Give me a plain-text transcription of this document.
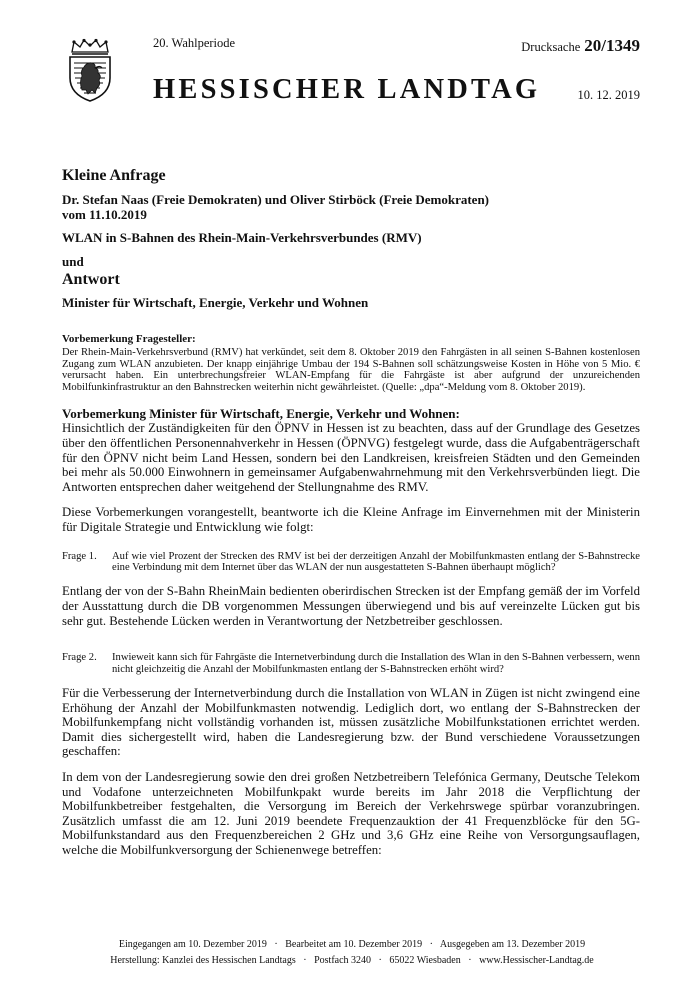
20. Wahlperiode	Drucksache 20/1349
HESSISCHER LANDTAG	10. 12. 2019
Kleine Anfrage
Dr. Stefan Naas (Freie Demokraten) und Oliver Stirböck (Freie Demokraten)
vom 11.10.2019
WLAN in S-Bahnen des Rhein-Main-Verkehrsverbundes (RMV)
und
Antwort
Minister für Wirtschaft, Energie, Verkehr und Wohnen

Vorbemerkung Fragesteller:

Der Rhein-Main-Verkehrsverbund (RMV) hat verkündet, seit dem 8. Oktober 2019 den Fahrgästen in all seinen S-Bahnen kostenlosen Zugang zum WLAN anzubieten. Der knapp einjährige Umbau der 194 S-Bahnen soll schätzungsweise Kosten in Höhe von 5 Mio. € verursacht haben. Ein unterbrechungsfreier WLAN-Empfang für die Fahrgäste ist aber aufgrund der unzureichenden Mobilfunkinfrastruktur an den Bahnstrecken weiterhin nicht gewährleistet. (Quelle: „dpa“-Meldung vom 8. Oktober 2019).

Vorbemerkung Minister für Wirtschaft, Energie, Verkehr und Wohnen:

Hinsichtlich der Zuständigkeiten für den ÖPNV in Hessen ist zu beachten, dass auf der Grundlage des Gesetzes über den öffentlichen Personennahverkehr in Hessen (ÖPNVG) festgelegt wurde, dass die Aufgabenträgerschaft für den ÖPNV nicht beim Land Hessen, sondern bei den Landkreisen, kreisfreien Städten und den Gemeinden bei mehr als 50.000 Einwohnern in gemeinsamer Aufgabenwahrnehmung mit den Verkehrsverbünden liegt. Die Antworten entsprechen daher weitgehend der Stellungnahme des RMV.

Diese Vorbemerkungen vorangestellt, beantworte ich die Kleine Anfrage im Einvernehmen mit der Ministerin für Digitale Strategie und Entwicklung wie folgt:

Frage 1.	Auf wie viel Prozent der Strecken des RMV ist bei der derzeitigen Anzahl der Mobilfunkmasten entlang der S-Bahnstrecke eine Verbindung mit dem Internet über das WLAN der nun ausgestatteten S-Bahnen überhaupt möglich?

Entlang der von der S-Bahn RheinMain bedienten oberirdischen Strecken ist der Empfang gemäß der im Vorfeld der Ausstattung durch die DB vorgenommen Messungen überwiegend und bis auf vereinzelte Lücken gut bis sehr gut. Bestehende Lücken werden in Verantwortung der Netzbetreiber geschlossen.

Frage 2.	Inwieweit kann sich für Fahrgäste die Internetverbindung durch die Installation des Wlan in den S-Bahnen verbessern, wenn nicht gleichzeitig die Anzahl der Mobilfunkmasten entlang der S-Bahnstrecken erhöht wird?

Für die Verbesserung der Internetverbindung durch die Installation von WLAN in Zügen ist nicht zwingend eine Erhöhung der Anzahl der Mobilfunkmasten notwendig. Lediglich dort, wo entlang der S-Bahnstrecken der Mobilfunkempfang nicht vollständig vorhanden ist, müssen zusätzliche Mobilfunkstationen errichtet werden. Damit dies sichergestellt wird, haben die Landesregierung bzw. der Bund verschiedene Voraussetzungen geschaffen:

In dem von der Landesregierung sowie den drei großen Netzbetreibern Telefónica Germany, Deutsche Telekom und Vodafone unterzeichneten Mobilfunkpakt wurde bereits im Jahr 2018 die Verpflichtung der Mobilfunkbetreiber festgehalten, die Versorgung im Bereich der Verkehrswege spürbar voranzubringen. Zusätzlich umfasst die am 12. Juni 2019 beendete Frequenzauktion der 41 Frequenzblöcke für den 5G-Mobilfunkstandard aus den Frequenzbereichen 2 GHz und 3,6 GHz eine Reihe von Versorgungsauflagen, welche die Mobilfunkversorgung der Schienenwege betreffen:

Eingegangen am 10. Dezember 2019 · Bearbeitet am 10. Dezember 2019 · Ausgegeben am 13. Dezember 2019
Herstellung: Kanzlei des Hessischen Landtags · Postfach 3240 · 65022 Wiesbaden · www.Hessischer-Landtag.de
